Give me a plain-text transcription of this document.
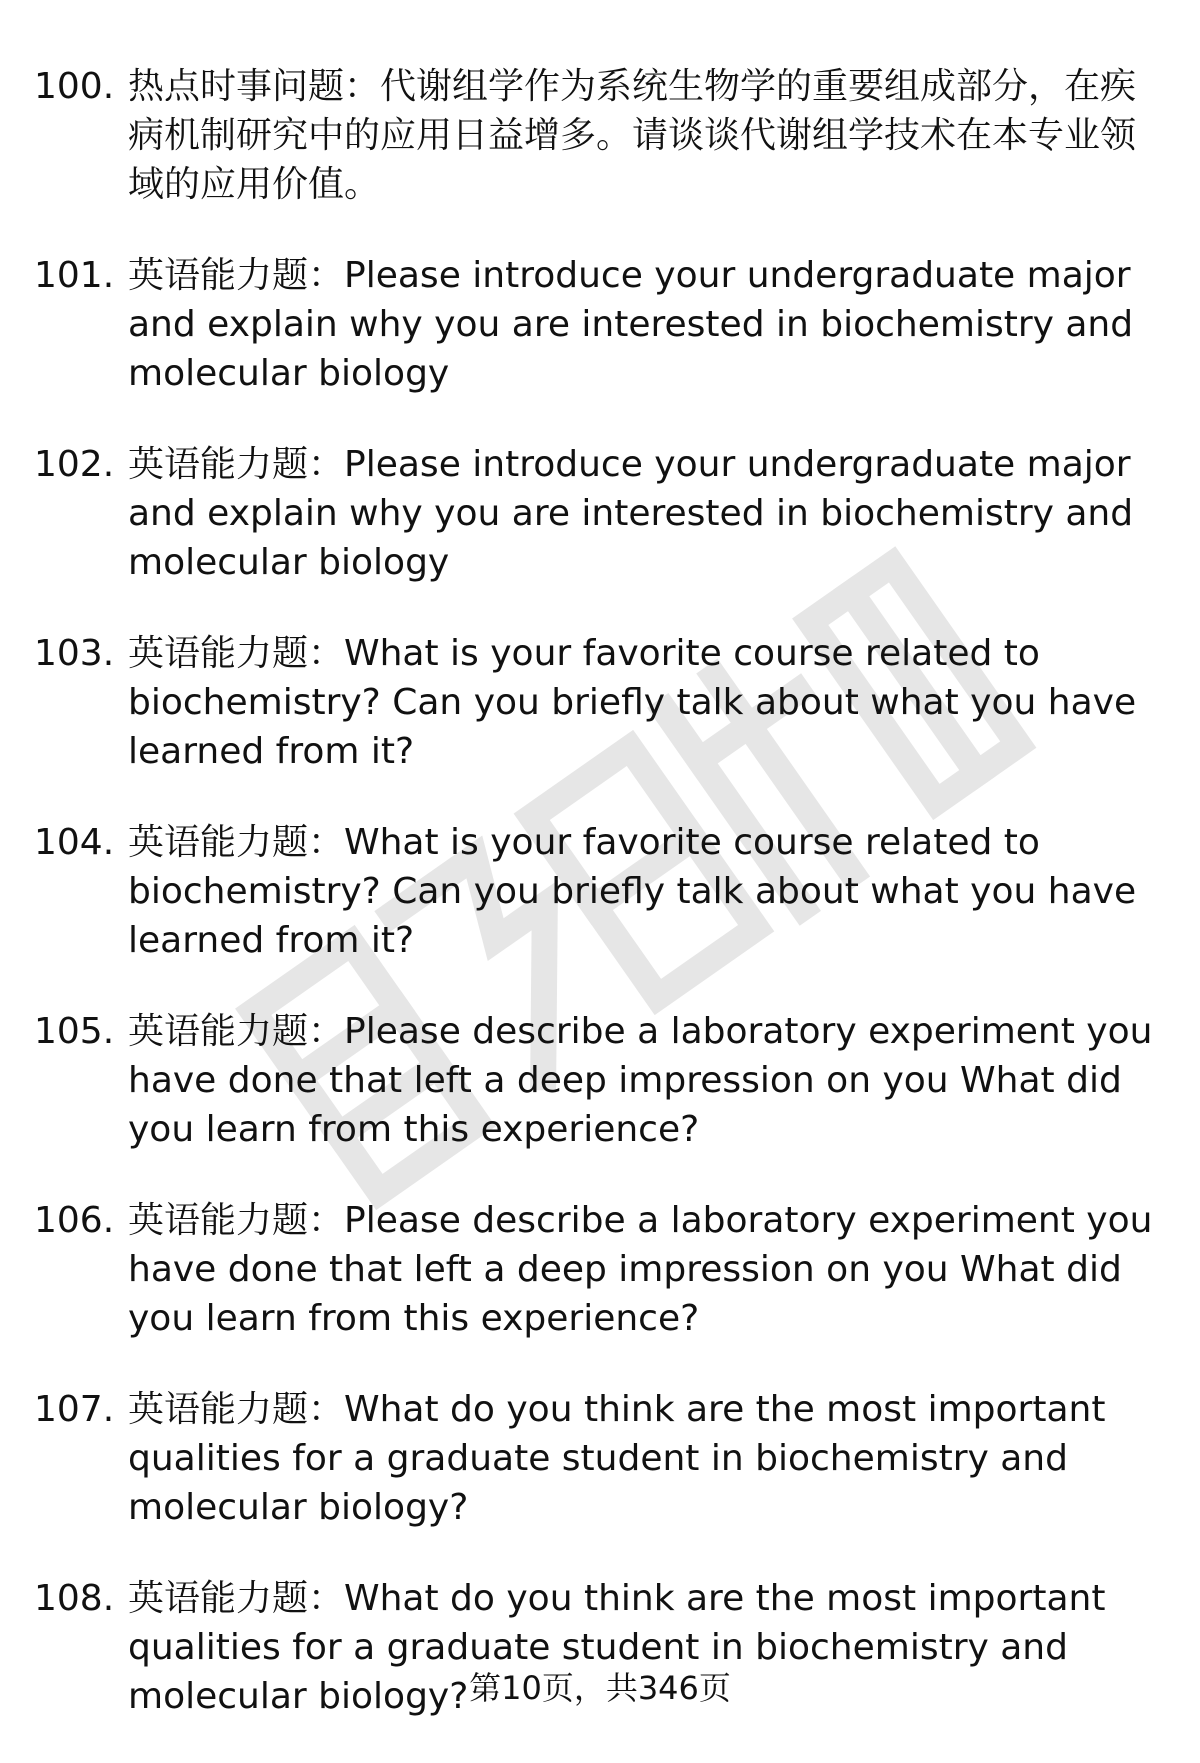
100. 热点时事问题：代谢组学作为系统生物学的重要组成部分，在疾病机制研究中的应用日益增多。请谈谈代谢组学技术在本专业领域的应用价值。
101. 英语能力题：Please introduce your undergraduate major and explain why you are interested in biochemistry and molecular biology
102. 英语能力题：Please introduce your undergraduate major and explain why you are interested in biochemistry and molecular biology
103. 英语能力题：What is your favorite course related to biochemistry? Can you briefly talk about what you have learned from it?
104. 英语能力题：What is your favorite course related to biochemistry? Can you briefly talk about what you have learned from it?
105. 英语能力题：Please describe a laboratory experiment you have done that left a deep impression on you What did you learn from this experience?
106. 英语能力题：Please describe a laboratory experiment you have done that left a deep impression on you What did you learn from this experience?
107. 英语能力题：What do you think are the most important qualities for a graduate student in biochemistry and molecular biology?
108. 英语能力题：What do you think are the most important qualities for a graduate student in biochemistry and molecular biology? 第10页，共346页
